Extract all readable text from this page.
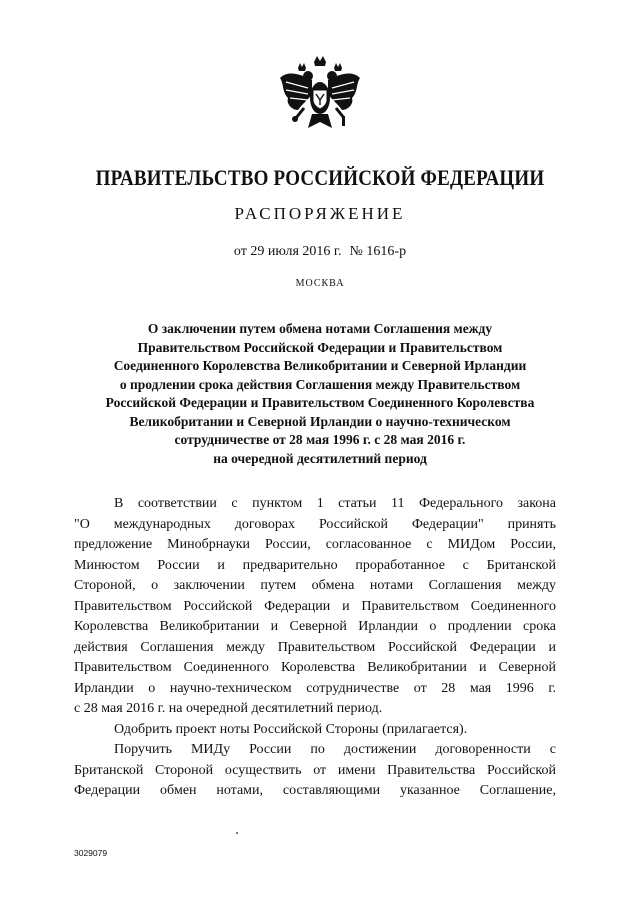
ПРАВИТЕЛЬСТВО РОССИЙСКОЙ ФЕДЕРАЦИИ
РАСПОРЯЖЕНИЕ
от 29 июля 2016 г. № 1616-р
МОСКВА
О заключении путем обмена нотами Соглашения между
Правительством Российской Федерации и Правительством
Соединенного Королевства Великобритании и Северной Ирландии
о продлении срока действия Соглашения между Правительством
Российской Федерации и Правительством Соединенного Королевства
Великобритании и Северной Ирландии о научно-техническом
сотрудничестве от 28 мая 1996 г. с 28 мая 2016 г.
на очередной десятилетний период
В соответствии с пунктом 1 статьи 11 Федерального закона
"О международных договорах Российской Федерации" принять
предложение Минобрнауки России, согласованное с МИДом России,
Минюстом России и предварительно проработанное с Британской
Стороной, о заключении путем обмена нотами Соглашения между
Правительством Российской Федерации и Правительством Соединенного
Королевства Великобритании и Северной Ирландии о продлении срока
действия Соглашения между Правительством Российской Федерации и
Правительством Соединенного Королевства Великобритании и Северной
Ирландии о научно-техническом сотрудничестве от 28 мая 1996 г.
с 28 мая 2016 г. на очередной десятилетний период.
Одобрить проект ноты Российской Стороны (прилагается).
Поручить МИДу России по достижении договоренности с
Британской Стороной осуществить от имени Правительства Российской
Федерации обмен нотами, составляющими указанное Соглашение,
3029079
